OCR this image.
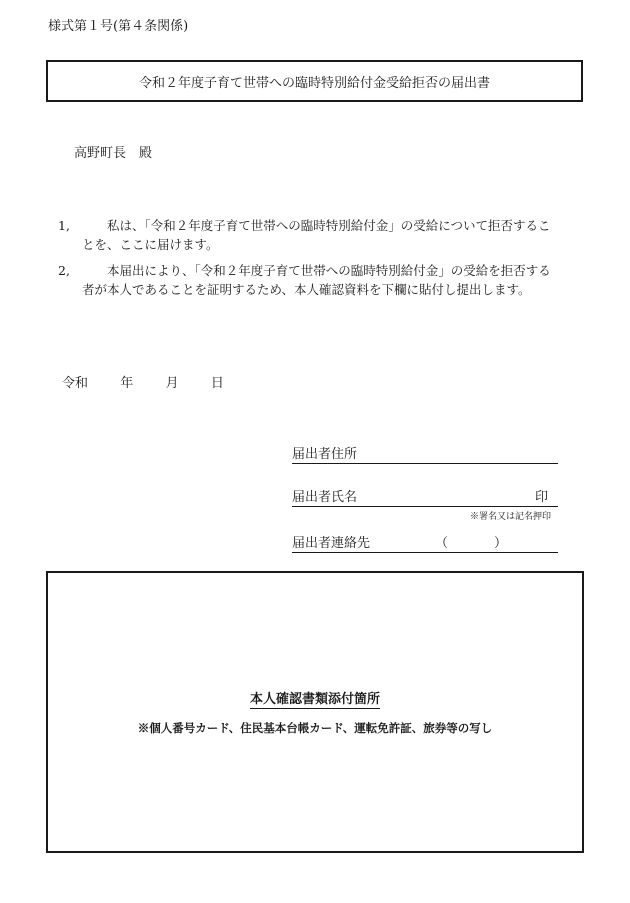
様式第１号(第４条関係)
令和２年度子育て世帯への臨時特別給付金受給拒否の届出書
高野町長　殿
1,	私は、「令和２年度子育て世帯への臨時特別給付金」の受給について拒否することを、ここに届けます。
2,	本届出により、「令和２年度子育て世帯への臨時特別給付金」の受給を拒否する者が本人であることを証明するため、本人確認資料を下欄に貼付し提出します。
令和 年 月 日
届出者住所
届出者氏名	印
※署名又は記名押印
届出者連絡先	（	）
本人確認書類添付箇所
※個人番号カード、住民基本台帳カード、運転免許証、旅券等の写し
